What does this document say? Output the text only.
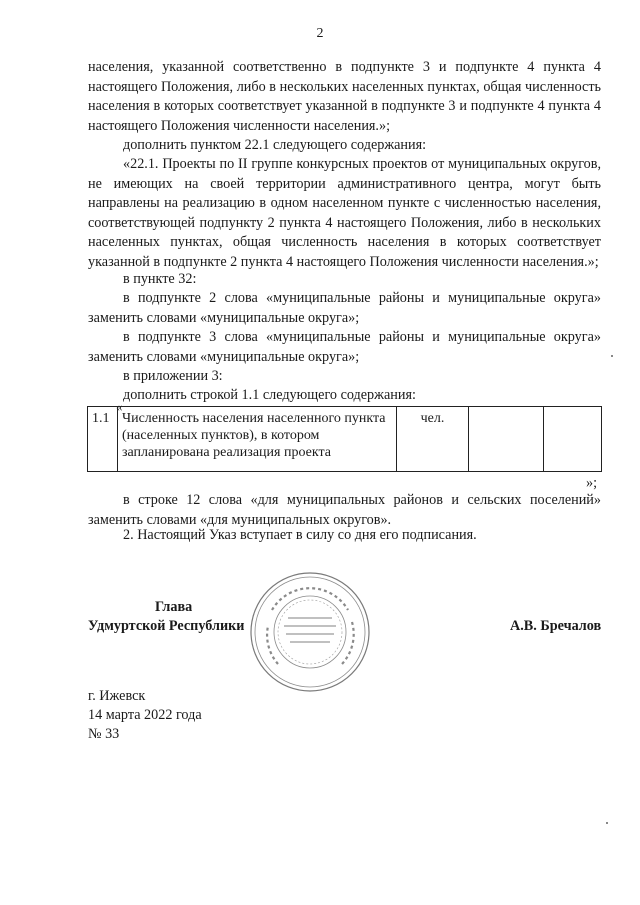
2
населения, указанной соответственно в подпункте 3 и подпункте 4 пункта 4 настоящего Положения, либо в нескольких населенных пунктах, общая численность населения в которых соответствует указанной в подпункте 3 и подпункте 4 пункта 4 настоящего Положения численности населения.»;
дополнить пунктом 22.1 следующего содержания:
«22.1. Проекты по II группе конкурсных проектов от муниципальных округов, не имеющих на своей территории административного центра, могут быть направлены на реализацию в одном населенном пункте с численностью населения, соответствующей подпункту 2 пункта 4 настоящего Положения, либо в нескольких населенных пунктах, общая численность населения в которых соответствует указанной в подпункте 2 пункта 4 настоящего Положения численности населения.»;
в пункте 32:
в подпункте 2 слова «муниципальные районы и муниципальные округа» заменить словами «муниципальные округа»;
в подпункте 3 слова «муниципальные районы и муниципальные округа» заменить словами «муниципальные округа»;
в приложении 3:
дополнить строкой 1.1 следующего содержания:
«
1.1	Численность населения населенного пункта (населенных пунктов), в котором запланирована реализация проекта	чел.		
»;
в строке 12 слова «для муниципальных районов и сельских поселений» заменить словами «для муниципальных округов».
2. Настоящий Указ вступает в силу со дня его подписания.
Глава
Удмуртской Республики	А.В. Бречалов
г. Ижевск
14 марта 2022 года
№ 33
